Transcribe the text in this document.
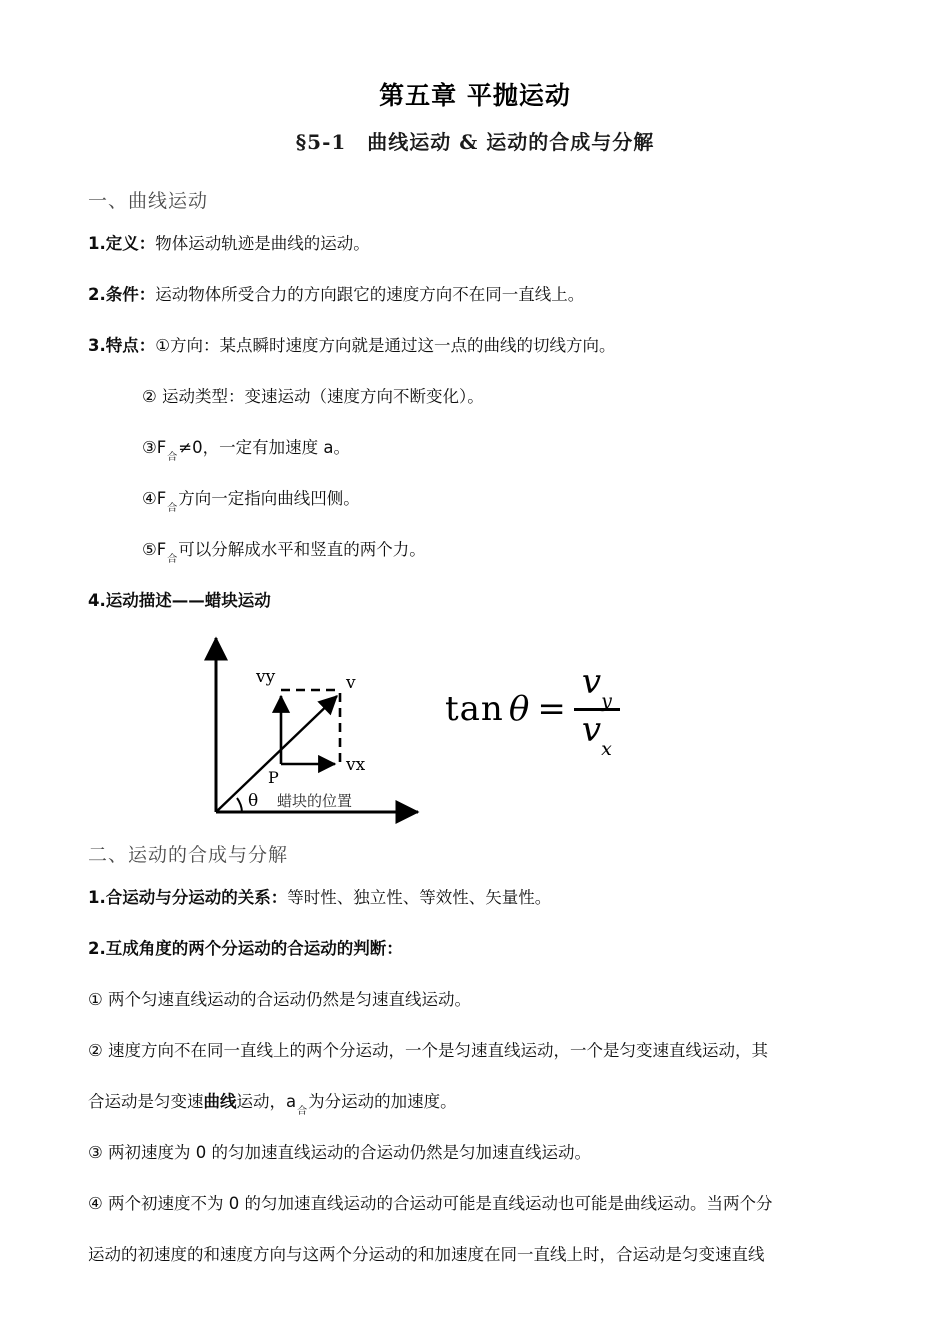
第五章 平抛运动
§5-1　曲线运动 & 运动的合成与分解
一、曲线运动
1.定义：物体运动轨迹是曲线的运动。
2.条件：运动物体所受合力的方向跟它的速度方向不在同一直线上。
3.特点：①方向：某点瞬时速度方向就是通过这一点的曲线的切线方向。
② 运动类型：变速运动（速度方向不断变化）。
$③F_合\ne 0$，一定有加速度 a。
$④F_合$方向一定指向曲线凹侧。
$⑤F_合$可以分解成水平和竖直的两个力。
4.运动描述——蜡块运动
vy	v
vx
P
θ 蜡块的位置
$\tan \theta = \frac{v_y}{v_x}$
二、运动的合成与分解
1.合运动与分运动的关系：等时性、独立性、等效性、矢量性。
2.互成角度的两个分运动的合运动的判断：
① 两个匀速直线运动的合运动仍然是匀速直线运动。
② 速度方向不在同一直线上的两个分运动，一个是匀速直线运动，一个是匀变速直线运动，其
合运动是匀变速曲线运动，$a_合$为分运动的加速度。
③ 两初速度为 0 的匀加速直线运动的合运动仍然是匀加速直线运动。
④ 两个初速度不为 0 的匀加速直线运动的合运动可能是直线运动也可能是曲线运动。当两个分
运动的初速度的和速度方向与这两个分运动的和加速度在同一直线上时，合运动是匀变速直线
